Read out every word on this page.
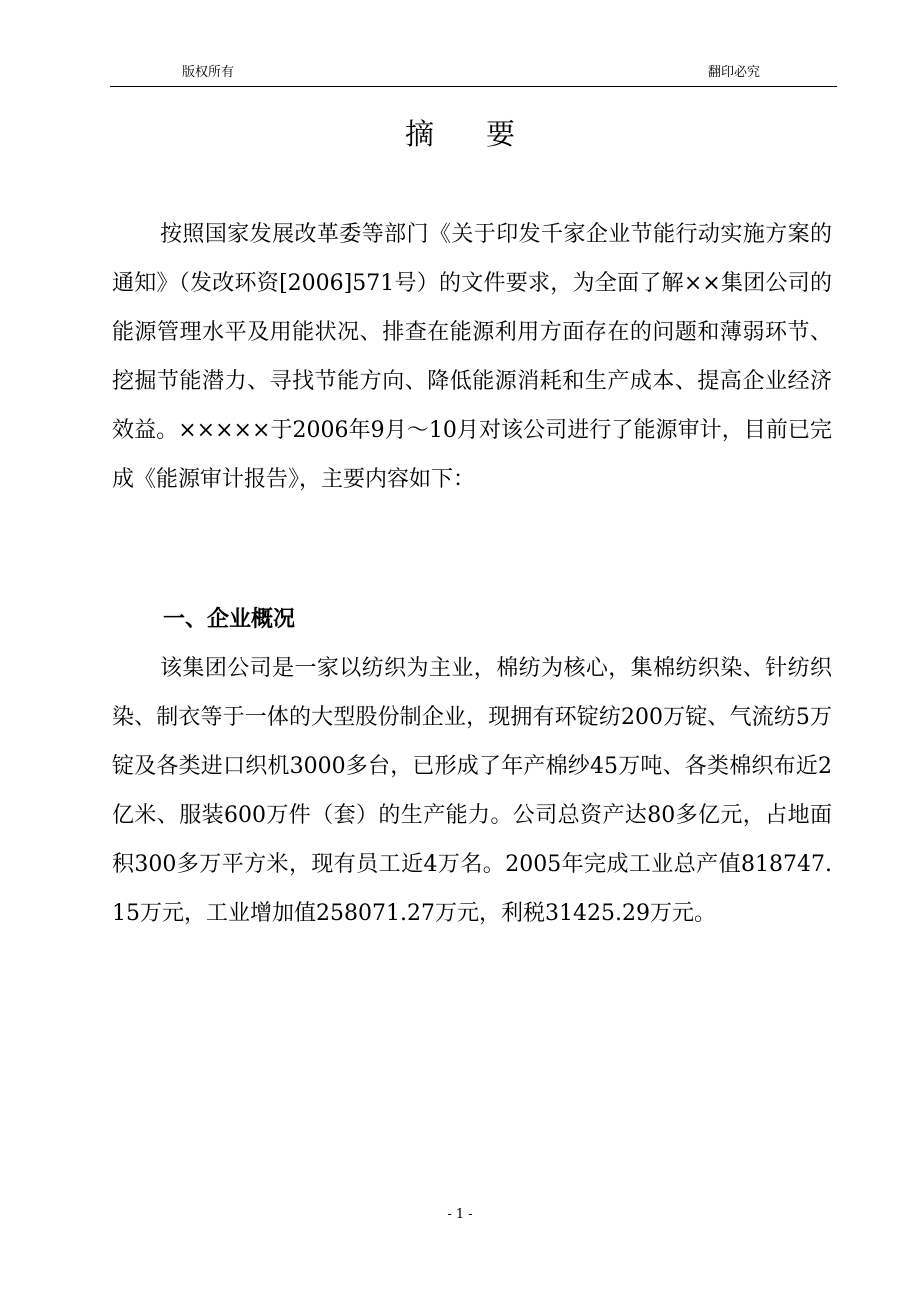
版权所有	翻印必究
摘要

按照国家发展改革委等部门《关于印发千家企业节能行动实施方案的通知》（发改环资[2006]571号）的文件要求，为全面了解××集团公司的能源管理水平及用能状况、排查在能源利用方面存在的问题和薄弱环节、挖掘节能潜力、寻找节能方向、降低能源消耗和生产成本、提高企业经济效益。×××××于2006年9月～10月对该公司进行了能源审计，目前已完成《能源审计报告》，主要内容如下：

一、企业概况

该集团公司是一家以纺织为主业，棉纺为核心，集棉纺织染、针纺织染、制衣等于一体的大型股份制企业，现拥有环锭纺200万锭、气流纺5万锭及各类进口织机3000多台，已形成了年产棉纱45万吨、各类棉织布近2亿米、服装600万件（套）的生产能力。公司总资产达80多亿元，占地面积300多万平方米，现有员工近4万名。2005年完成工业总产值818747.15万元，工业增加值258071.27万元，利税31425.29万元。

- 1 -
